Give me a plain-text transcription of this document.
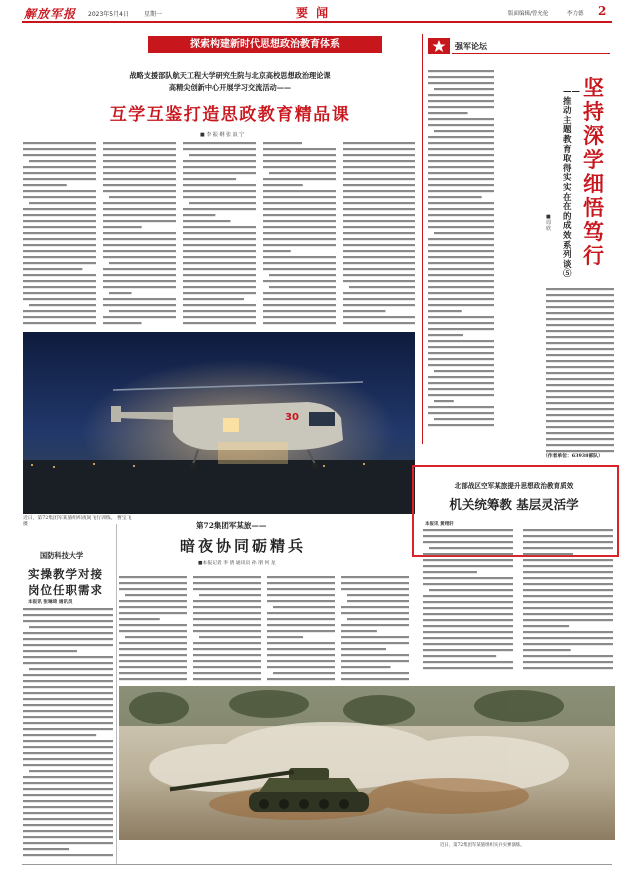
解放军报 2023年5月4日	星期一	要 闻	版面编辑/曾允伦	李力德 2
探索构建新时代思想政治教育体系
战略支援部队航天工程大学研究生院与北京高校思想政治理论课
高精尖创新中心开展学习交流活动——
互学互鉴打造思政教育精品课
■ 李 振 纲 张 浪 宁
强军论坛
坚持深学细悟笃行
——推动主题教育取得实实在在的成效系列谈⑤
■ 周 欣
（作者单位：63938部队）
30
近日，第72集团军某旅组织夜间飞行训练。 曹宝飞 摄	第72集团军某旅——
暗夜协同砺精兵
■本报记者 李 倩 通讯员 孙 朋 何 龙
国防科技大学
实操教学对接
岗位任职需求
本报讯 张琳琦 通讯员
北部战区空军某旅提升思想政治教育质效
机关统筹教 基层灵活学
本报讯 黄翊轩
近日，第72集团军某旅组织实兵实弹演练。
